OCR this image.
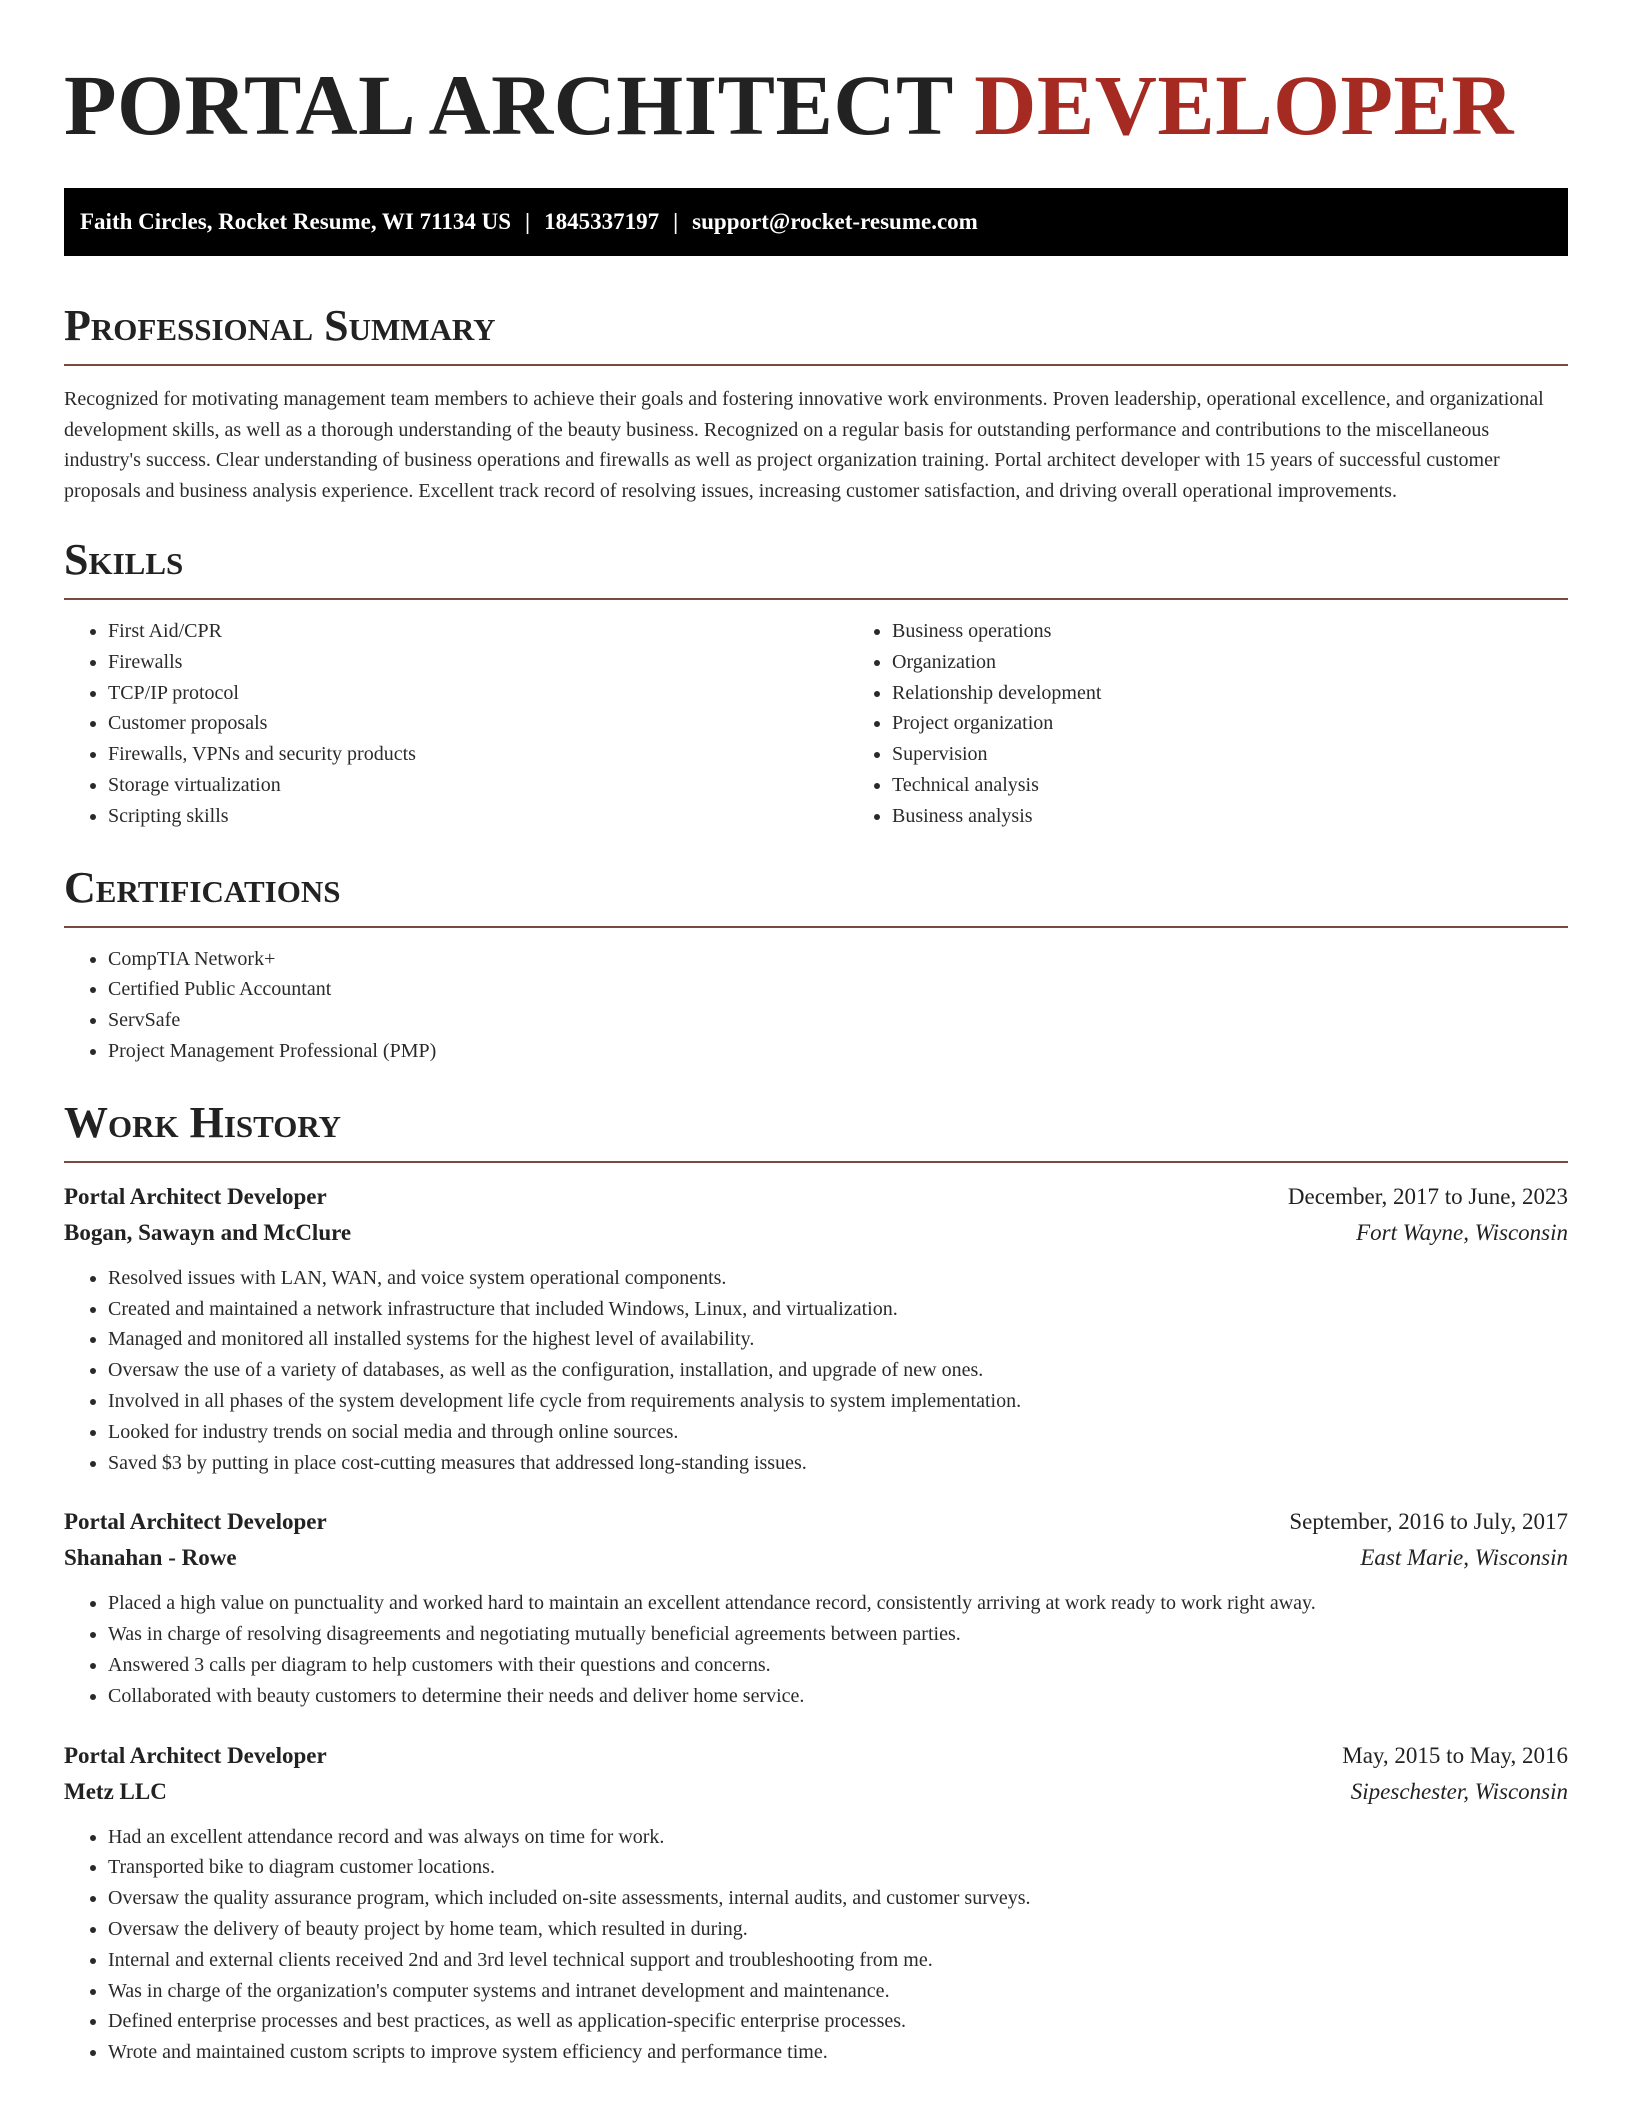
PORTAL ARCHITECT DEVELOPER
Faith Circles, Rocket Resume, WI 71134 US | 1845337197 | support@rocket-resume.com
Professional Summary

Recognized for motivating management team members to achieve their goals and fostering innovative work environments. Proven leadership, operational excellence, and organizational development skills, as well as a thorough understanding of the beauty business. Recognized on a regular basis for outstanding performance and contributions to the miscellaneous industry's success. Clear understanding of business operations and firewalls as well as project organization training. Portal architect developer with 15 years of successful customer proposals and business analysis experience. Excellent track record of resolving issues, increasing customer satisfaction, and driving overall operational improvements.

Skills
• First Aid/CPR
• Firewalls
• TCP/IP protocol
• Customer proposals
• Firewalls, VPNs and security products
• Storage virtualization
• Scripting skills
• Business operations
• Organization
• Relationship development
• Project organization
• Supervision
• Technical analysis
• Business analysis
Certifications
• CompTIA Network+
• Certified Public Accountant
• ServSafe
• Project Management Professional (PMP)
Work History
Portal Architect Developer	December, 2017 to June, 2023
Bogan, Sawayn and McClure	Fort Wayne, Wisconsin
• Resolved issues with LAN, WAN, and voice system operational components.
• Created and maintained a network infrastructure that included Windows, Linux, and virtualization.
• Managed and monitored all installed systems for the highest level of availability.
• Oversaw the use of a variety of databases, as well as the configuration, installation, and upgrade of new ones.
• Involved in all phases of the system development life cycle from requirements analysis to system implementation.
• Looked for industry trends on social media and through online sources.
• Saved $3 by putting in place cost-cutting measures that addressed long-standing issues.
Portal Architect Developer	September, 2016 to July, 2017
Shanahan - Rowe	East Marie, Wisconsin
• Placed a high value on punctuality and worked hard to maintain an excellent attendance record, consistently arriving at work ready to work right away.
• Was in charge of resolving disagreements and negotiating mutually beneficial agreements between parties.
• Answered 3 calls per diagram to help customers with their questions and concerns.
• Collaborated with beauty customers to determine their needs and deliver home service.
Portal Architect Developer	May, 2015 to May, 2016
Metz LLC	Sipeschester, Wisconsin
• Had an excellent attendance record and was always on time for work.
• Transported bike to diagram customer locations.
• Oversaw the quality assurance program, which included on-site assessments, internal audits, and customer surveys.
• Oversaw the delivery of beauty project by home team, which resulted in during.
• Internal and external clients received 2nd and 3rd level technical support and troubleshooting from me.
• Was in charge of the organization's computer systems and intranet development and maintenance.
• Defined enterprise processes and best practices, as well as application-specific enterprise processes.
• Wrote and maintained custom scripts to improve system efficiency and performance time.
